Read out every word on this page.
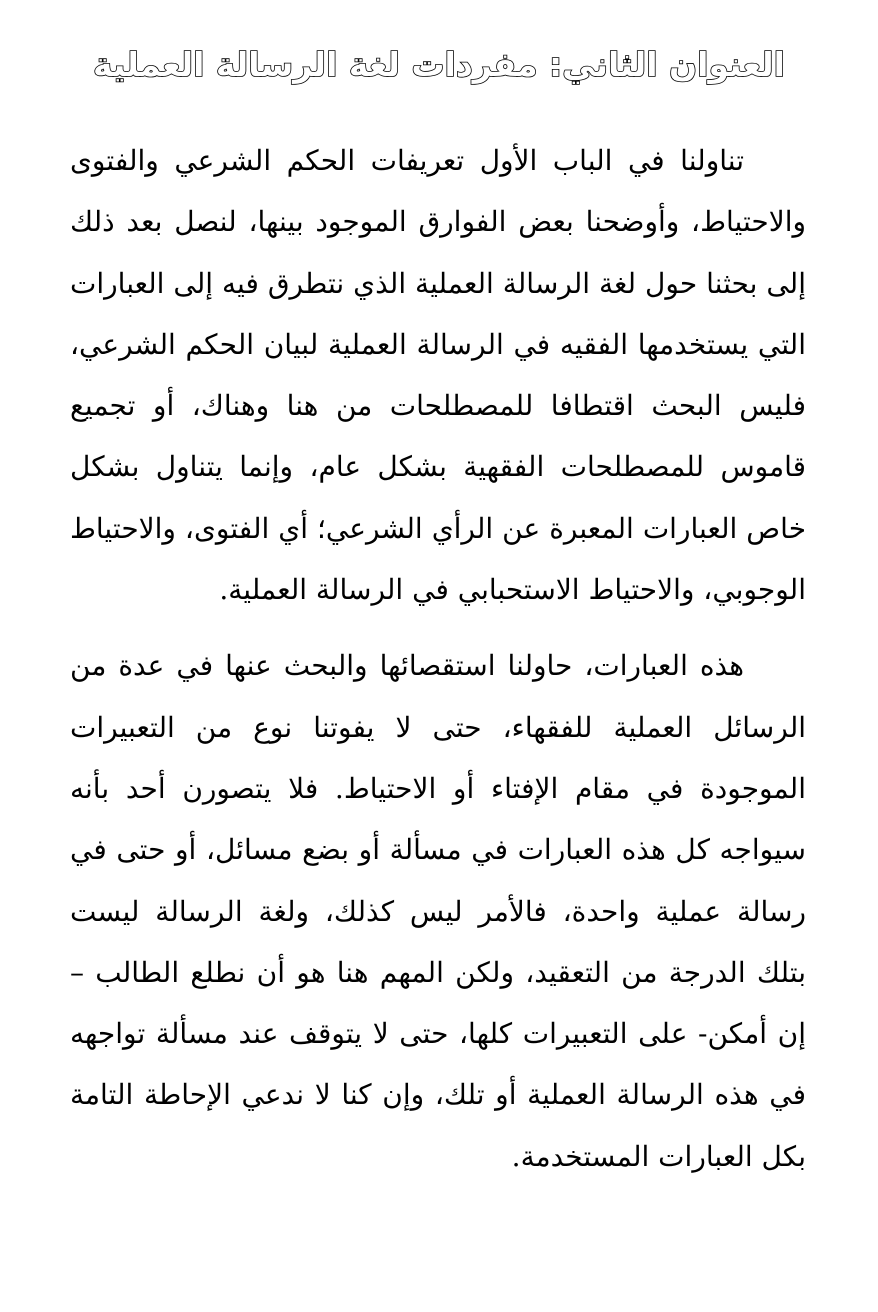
العنوان الثاني: مفردات لغة الرسالة العملية

تناولنا في الباب الأول تعريفات الحكم الشرعي والفتوى والاحتياط، وأوضحنا بعض الفوارق الموجود بينها، لنصل بعد ذلك إلى بحثنا حول لغة الرسالة العملية الذي نتطرق فيه إلى العبارات التي يستخدمها الفقيه في الرسالة العملية لبيان الحكم الشرعي، فليس البحث اقتطافا للمصطلحات من هنا وهناك، أو تجميع قاموس للمصطلحات الفقهية بشكل عام، وإنما يتناول بشكل خاص العبارات المعبرة عن الرأي الشرعي؛ أي الفتوى، والاحتياط الوجوبي، والاحتياط الاستحبابي في الرسالة العملية.

هذه العبارات، حاولنا استقصائها والبحث عنها في عدة من الرسائل العملية للفقهاء، حتى لا يفوتنا نوع من التعبيرات الموجودة في مقام الإفتاء أو الاحتياط. فلا يتصورن أحد بأنه سيواجه كل هذه العبارات في مسألة أو بضع مسائل، أو حتى في رسالة عملية واحدة، فالأمر ليس كذلك، ولغة الرسالة ليست بتلك الدرجة من التعقيد، ولكن المهم هنا هو أن نطلع الطالب – إن أمكن- على التعبيرات كلها، حتى لا يتوقف عند مسألة تواجهه في هذه الرسالة العملية أو تلك، وإن كنا لا ندعي الإحاطة التامة بكل العبارات المستخدمة.
